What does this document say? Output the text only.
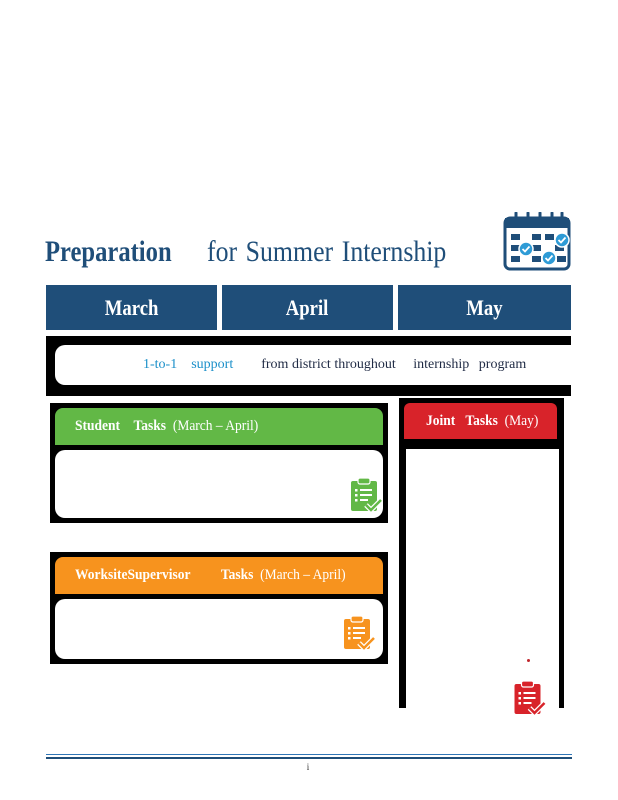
Preparation for Summer Internship
March	April	May
1-to-1 support from district throughout internship program
Student Tasks (March – April)
WorksiteSupervisor Tasks (March – April)
Joint Tasks (May)
i
